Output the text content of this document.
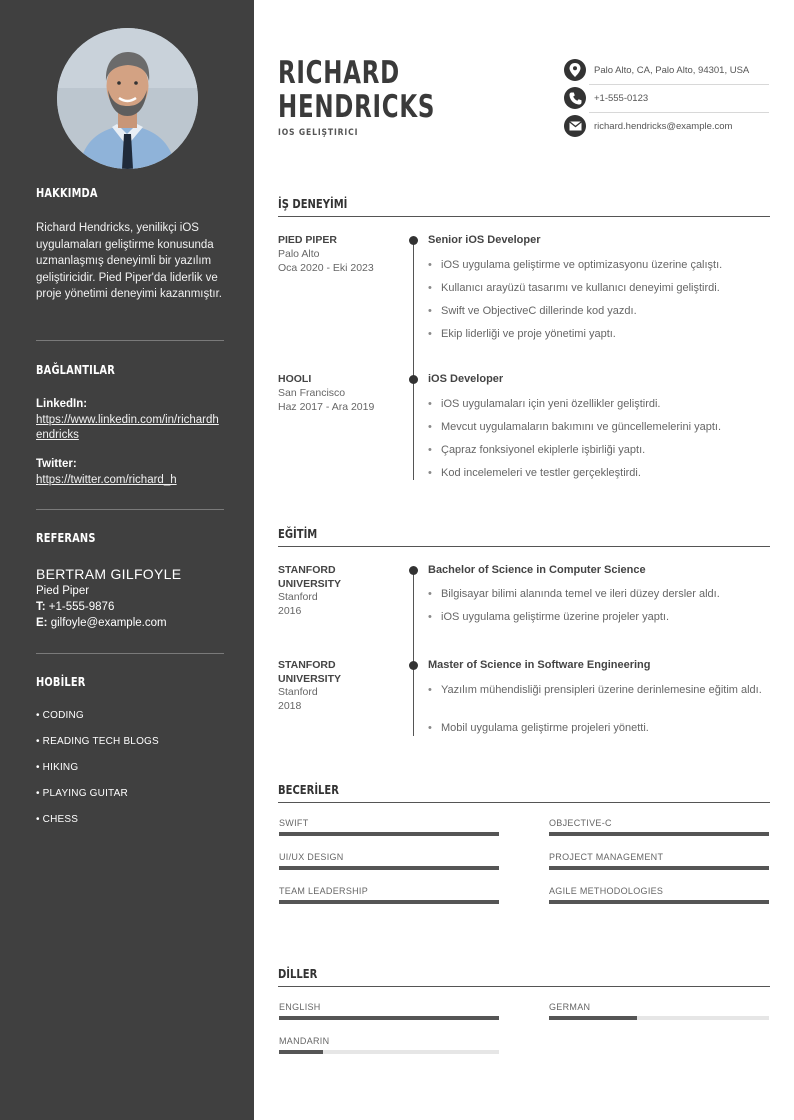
HAKKIMDA
Richard Hendricks, yenilikçi iOS uygulamaları geliştirme konusunda uzmanlaşmış deneyimli bir yazılım geliştiricidir. Pied Piper'da liderlik ve proje yönetimi deneyimi kazanmıştır.
BAĞLANTILAR
LinkedIn:
https://www.linkedin.com/in/richardhendricks
Twitter:
https://twitter.com/richard_h
REFERANS
BERTRAM GILFOYLE
Pied Piper
T: +1-555-9876
E: gilfoyle@example.com
HOBİLER
• CODING
• READING TECH BLOGS
• HIKING
• PLAYING GUITAR
• CHESS
RICHARD
HENDRICKS
IOS GELIŞTIRICI
Palo Alto, CA, Palo Alto, 94301, USA
+1-555-0123
richard.hendricks@example.com
İŞ DENEYİMİ
PIED PIPER
Palo Alto
Oca 2020 - Eki 2023
Senior iOS Developer
• iOS uygulama geliştirme ve optimizasyonu üzerine çalıştı.
• Kullanıcı arayüzü tasarımı ve kullanıcı deneyimi geliştirdi.
• Swift ve ObjectiveC dillerinde kod yazdı.
• Ekip liderliği ve proje yönetimi yaptı.
HOOLI
San Francisco
Haz 2017 - Ara 2019
iOS Developer
• iOS uygulamaları için yeni özellikler geliştirdi.
• Mevcut uygulamaların bakımını ve güncellemelerini yaptı.
• Çapraz fonksiyonel ekiplerle işbirliği yaptı.
• Kod incelemeleri ve testler gerçekleştirdi.
EĞİTİM
STANFORD UNIVERSITY
Stanford
2016
Bachelor of Science in Computer Science
• Bilgisayar bilimi alanında temel ve ileri düzey dersler aldı.
• iOS uygulama geliştirme üzerine projeler yaptı.
STANFORD UNIVERSITY
Stanford
2018
Master of Science in Software Engineering
• Yazılım mühendisliği prensipleri üzerine derinlemesine eğitim aldı.
• Mobil uygulama geliştirme projeleri yönetti.
BECERİLER
SWIFT	OBJECTIVE-C
UI/UX DESIGN	PROJECT MANAGEMENT
TEAM LEADERSHIP	AGILE METHODOLOGIES
DİLLER
ENGLISH	GERMAN
MANDARIN
